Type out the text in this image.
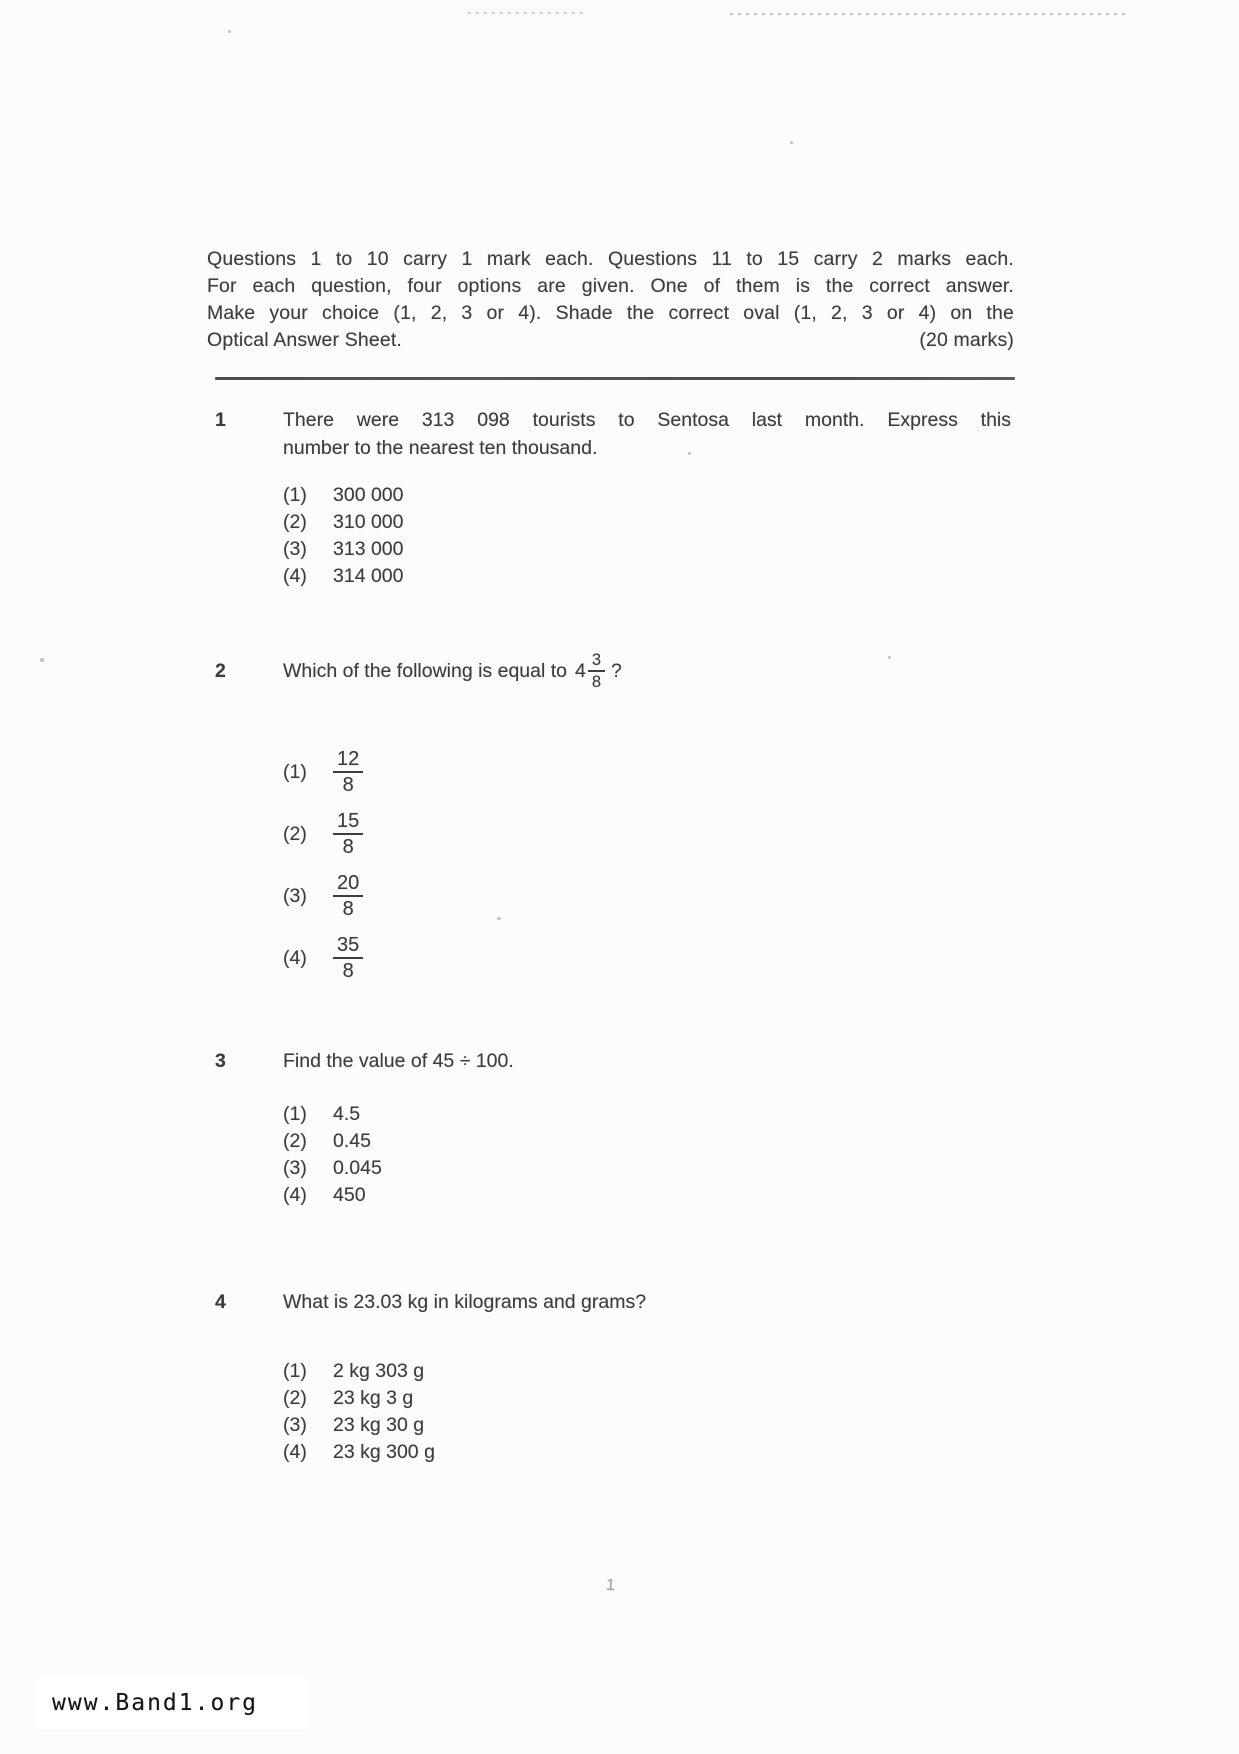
Questions 1 to 10 carry 1 mark each. Questions 11 to 15 carry 2 marks each.
For each question, four options are given. One of them is the correct answer.
Make your choice (1, 2, 3 or 4). Shade the correct oval (1, 2, 3 or 4) on the
Optical Answer Sheet.	(20 marks)
1	There were 313 098 tourists to Sentosa last month. Express this
number to the nearest ten thousand.
(1)	300 000
(2)	310 000
(3)	313 000
(4)	314 000
2	Which of the following is equal to $4 \frac{3}{8}$ ?
(1)	$\frac{12}{8}$
(2)	$\frac{15}{8}$
(3)	$\frac{20}{8}$
(4)	$\frac{35}{8}$
3	Find the value of 45 ÷ 100.
(1)	4.5
(2)	0.45
(3)	0.045
(4)	450
4	What is 23.03 kg in kilograms and grams?
(1)	2 kg 303 g
(2)	23 kg 3 g
(3)	23 kg 30 g
(4)	23 kg 300 g
1
www.Band1.org
